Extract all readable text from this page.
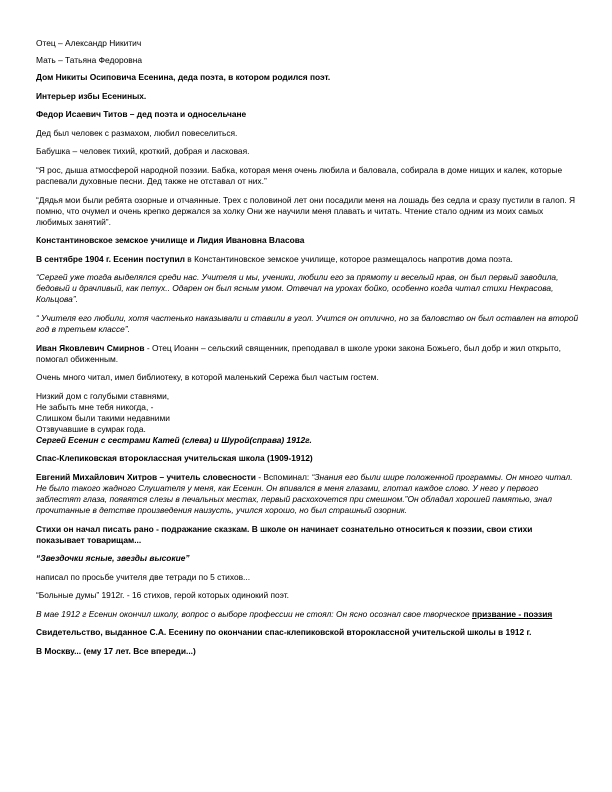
Отец – Александр Никитич
Мать – Татьяна Федоровна
Дом Никиты Осиповича Есенина, деда поэта, в котором родился поэт.
Интерьер избы Есениных.
Федор Исаевич Титов – дед поэта и односельчане
Дед был человек с размахом, любил повеселиться.
Бабушка – человек тихий, кроткий, добрая и ласковая.
“Я рос, дыша атмосферой народной поэзии. Бабка, которая меня очень любила и баловала, собирала в доме нищих и калек, которые распевали духовные песни. Дед также не отставал от них.”
“Дядья мои были ребята озорные и отчаянные. Трех с половиной лет они посадили меня на лошадь без седла и сразу пустили в галоп. Я помню, что очумел и очень крепко держался за холку Они же научили меня плавать и читать. Чтение стало одним из моих самых любимых занятий”.
Константиновское земское училище и Лидия Ивановна Власова
В сентябре 1904 г. Есенин поступил в Константиновское земское училище, которое размещалось напротив дома поэта.
“Сергей уже тогда выделялся среди нас. Учителя и мы, ученики, любили его за прямоту и веселый нрав, он был первый заводила, бедовый и драчливый, как петух.. Одарен он был ясным умом. Отвечал на уроках бойко, особенно когда читал стихи Некрасова, Кольцова”.
“ Учителя его любили, хотя частенько наказывали и ставили в угол. Учится он отлично, но за баловство он был оставлен на второй год в третьем классе”.
Иван Яковлевич Смирнов - Отец Иоанн – сельский священник, преподавал в школе уроки закона Божьего, был добр и жил открыто, помогал обиженным.
Очень много читал, имел библиотеку, в которой маленький Сережа был частым гостем.
Низкий дом с голубыми ставнями,
Не забыть мне тебя никогда, -
Слишком были такими недавними
Отзвучавшие в сумрак года.
Сергей Есенин с сестрами Катей (слева) и Шурой(справа) 1912г.
Спас-Клепиковская второклассная учительская школа (1909-1912)
Евгений Михайлович Хитров – учитель словесности - Вспоминал: “Знания его были шире положенной программы. Он много читал. Не было такого жадного Слушателя у меня, как Есенин. Он впивался в меня глазами, глотал каждое слово. У него у первого заблестят глаза, появятся слезы в печальных местах, первый расхохочется при смешном.”Он обладал хорошей памятью, знал прочитанные в детстве произведения наизусть, учился хорошо, но был страшный озорник.
Стихи он начал писать рано - подражание сказкам. В школе он начинает сознательно относиться к поэзии, свои стихи показывает товарищам...
“Звездочки ясные, звезды высокие”
написал по просьбе учителя две тетради по 5 стихов...
“Больные думы” 1912г. - 16 стихов, герой которых одинокий поэт.
В мае 1912 г Есенин окончил школу, вопрос о выборе профессии не стоял: Он ясно осознал свое творческое призвание - поэзия
Свидетельство, выданное С.А. Есенину по окончании спас-клепиковской второклассной учительской школы в 1912 г.
В Москву... (ему 17 лет. Все впереди...)
